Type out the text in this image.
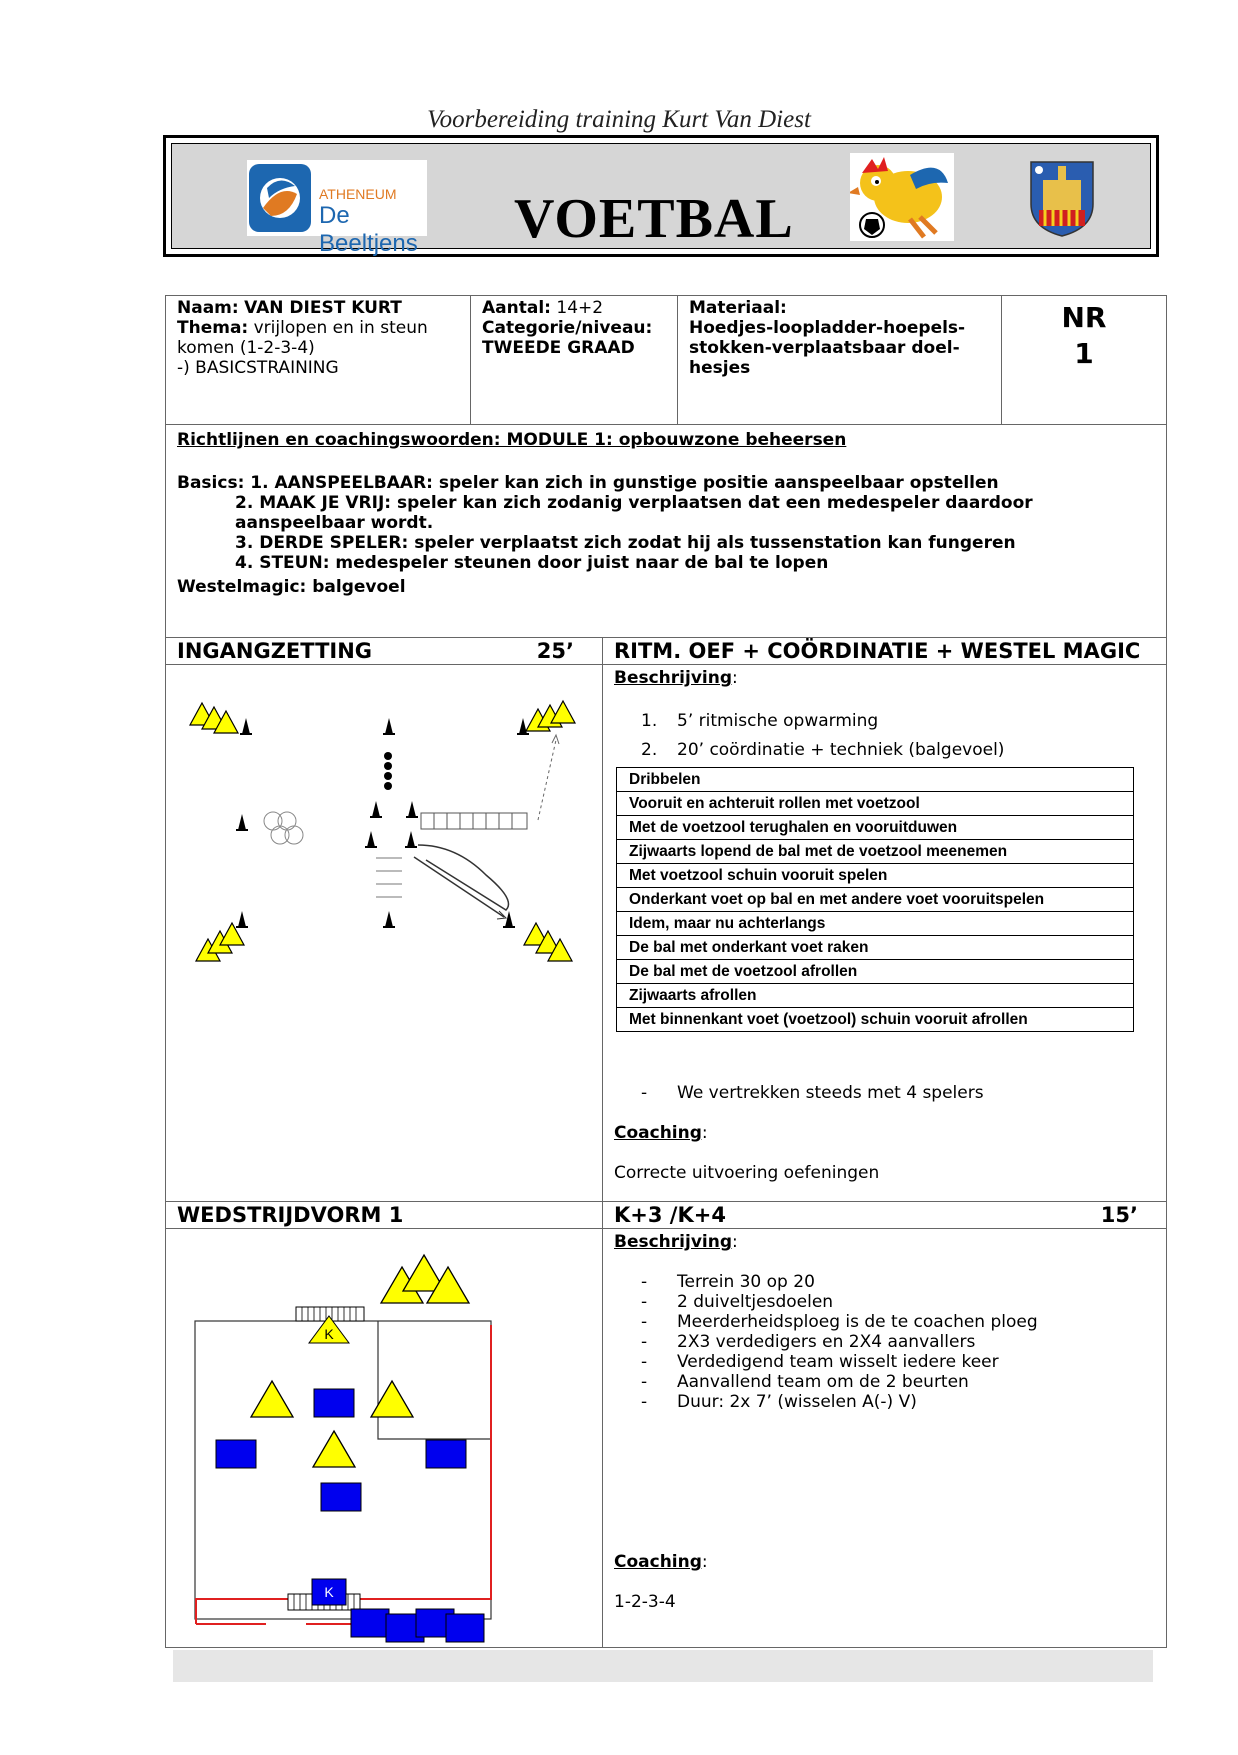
Voorbereiding training Kurt Van Diest
ATHENEUM
De Beeltjens VOETBAL
Naam: VAN DIEST KURT
Thema: vrijlopen en in steun komen (1-2-3-4)
-) BASICSTRAINING
Aantal: 14+2
Categorie/niveau:
TWEEDE GRAAD
Materiaal:
Hoedjes-loopladder-hoepels-stokken-verplaatsbaar doel-hesjes
NR
1
Richtlijnen en coachingswoorden: MODULE 1: opbouwzone beheersen
Basics: 1. AANSPEELBAAR: speler kan zich in gunstige positie aanspeelbaar opstellen
2. MAAK JE VRIJ: speler kan zich zodanig verplaatsen dat een medespeler daardoor aanspeelbaar wordt.
3. DERDE SPELER: speler verplaatst zich zodat hij als tussenstation kan fungeren
4. STEUN: medespeler steunen door juist naar de bal te lopen
Westelmagic: balgevoel
INGANGZETTING	25’ RITM. OEF + COÖRDINATIE + WESTEL MAGIC
Beschrijving:
1. 5’ ritmische opwarming
2. 20’ coördinatie + techniek (balgevoel)
Dribbelen
Vooruit en achteruit rollen met voetzool
Met de voetzool terughalen en vooruitduwen
Zijwaarts lopend de bal met de voetzool meenemen
Met voetzool schuin vooruit spelen
Onderkant voet op bal en met andere voet vooruitspelen
Idem, maar nu achterlangs
De bal met onderkant voet raken
De bal met de voetzool afrollen
Zijwaarts afrollen
Met binnenkant voet (voetzool) schuin vooruit afrollen
- We vertrekken steeds met 4 spelers
Coaching:
Correcte uitvoering oefeningen
WEDSTRIJDVORM 1	K+3 /K+4	15’
K
K
Beschrijving:
- Terrein 30 op 20
- 2 duiveltjesdoelen
- Meerderheidsploeg is de te coachen ploeg
- 2X3 verdedigers en 2X4 aanvallers
- Verdedigend team wisselt iedere keer
- Aanvallend team om de 2 beurten
- Duur: 2x 7’ (wisselen A(-) V)
Coaching:
1-2-3-4
